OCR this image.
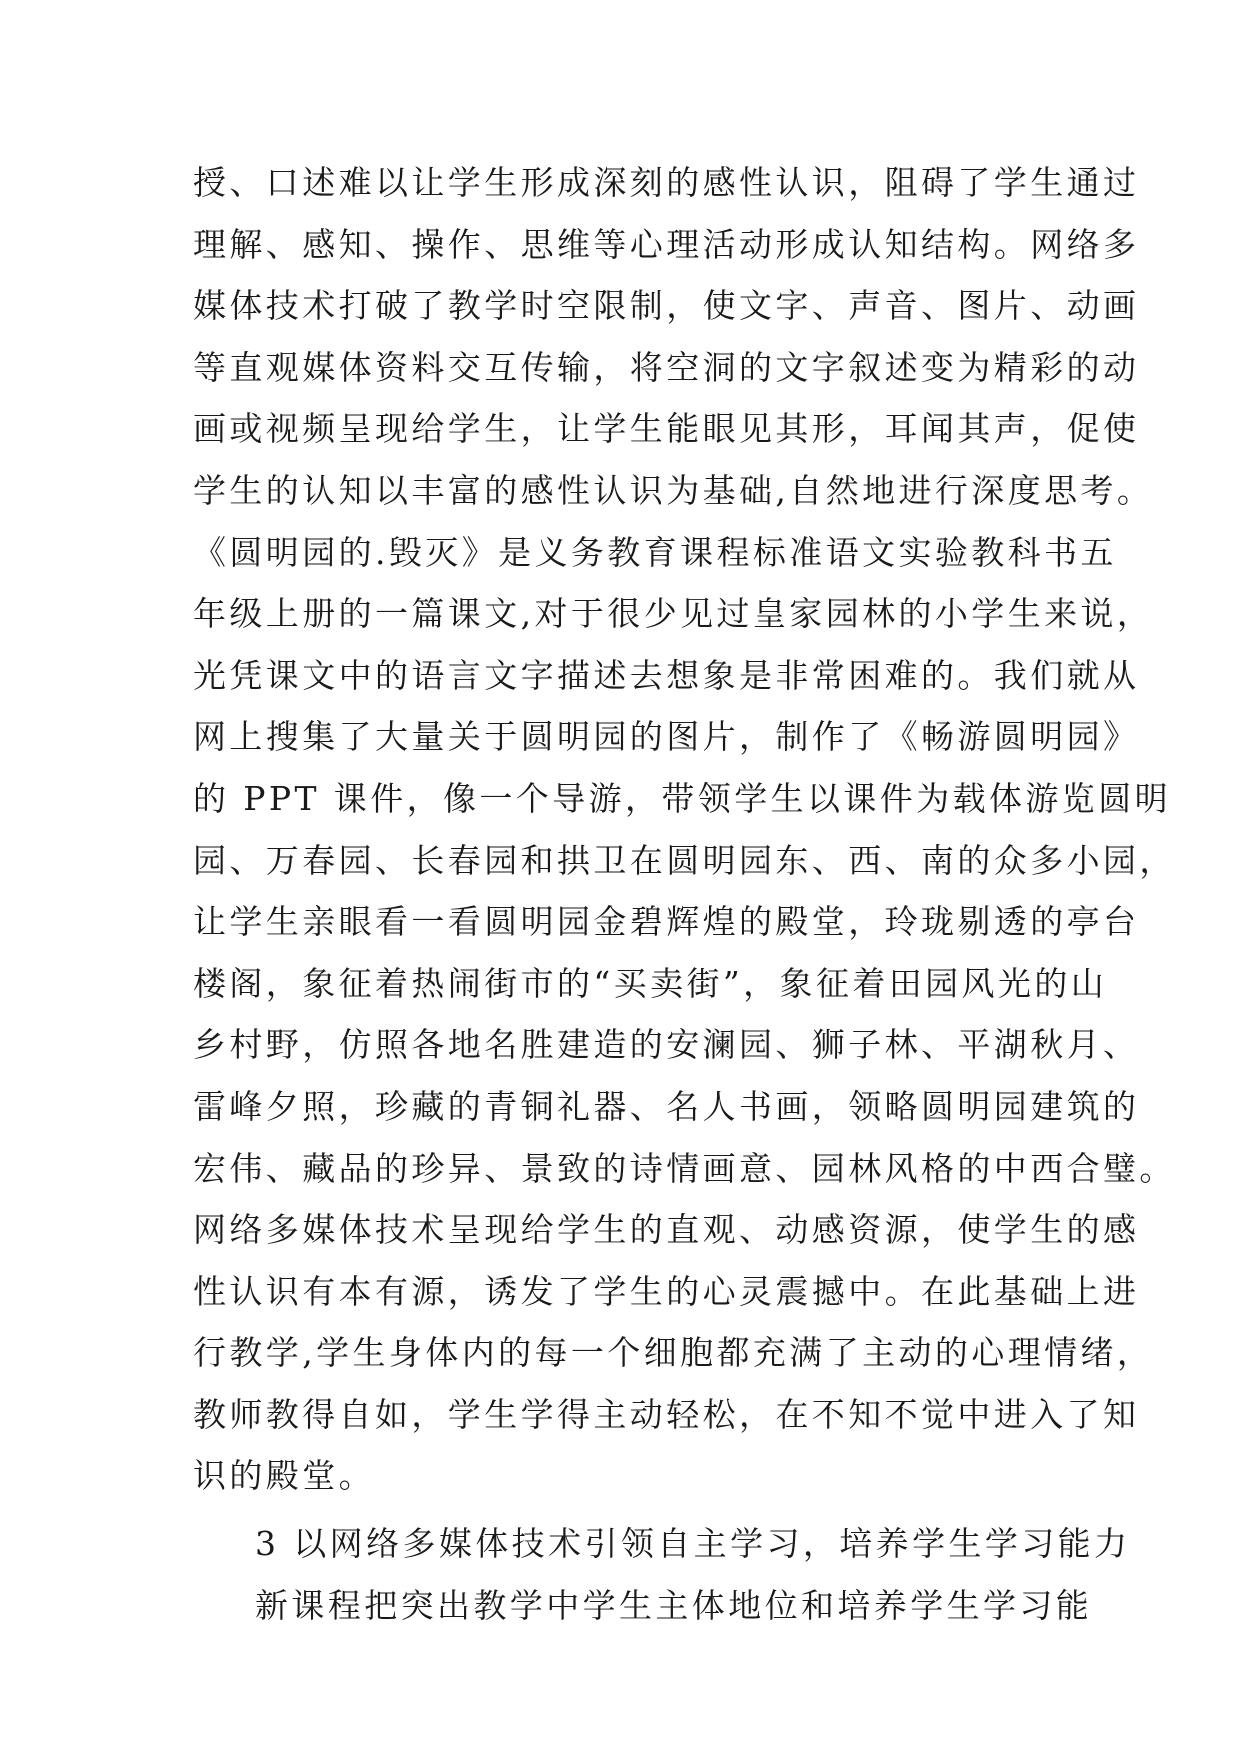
授、口述难以让学生形成深刻的感性认识，阻碍了学生通过
理解、感知、操作、思维等心理活动形成认知结构。网络多
媒体技术打破了教学时空限制，使文字、声音、图片、动画
等直观媒体资料交互传输，将空洞的文字叙述变为精彩的动
画或视频呈现给学生，让学生能眼见其形，耳闻其声，促使
学生的认知以丰富的感性认识为基础,自然地进行深度思考。
《圆明园的.毁灭》是义务教育课程标准语文实验教科书五
年级上册的一篇课文,对于很少见过皇家园林的小学生来说，
光凭课文中的语言文字描述去想象是非常困难的。我们就从
网上搜集了大量关于圆明园的图片，制作了《畅游圆明园》
的 PPT 课件，像一个导游，带领学生以课件为载体游览圆明
园、万春园、长春园和拱卫在圆明园东、西、南的众多小园，
让学生亲眼看一看圆明园金碧辉煌的殿堂，玲珑剔透的亭台
楼阁，象征着热闹街市的“买卖街”，象征着田园风光的山
乡村野，仿照各地名胜建造的安澜园、狮子林、平湖秋月、
雷峰夕照，珍藏的青铜礼器、名人书画，领略圆明园建筑的
宏伟、藏品的珍异、景致的诗情画意、园林风格的中西合璧。
网络多媒体技术呈现给学生的直观、动感资源，使学生的感
性认识有本有源，诱发了学生的心灵震撼中。在此基础上进
行教学,学生身体内的每一个细胞都充满了主动的心理情绪，
教师教得自如，学生学得主动轻松，在不知不觉中进入了知
识的殿堂。
3 以网络多媒体技术引领自主学习，培养学生学习能力
新课程把突出教学中学生主体地位和培养学生学习能
